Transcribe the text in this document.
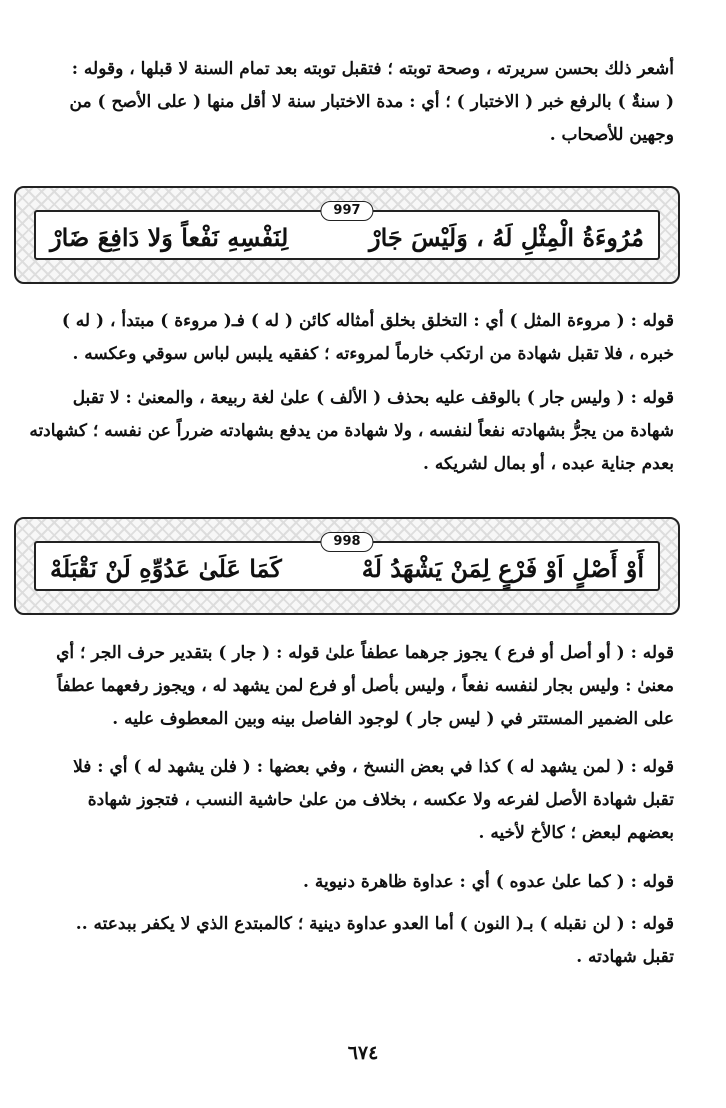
أشعر ذلك بحسن سريرته ، وصحة توبته ؛ فتقبل توبته بعد تمام السنة لا قبلها ، وقوله :
( سنةٌ ) بالرفع خبر ( الاختبار ) ؛ أي : مدة الاختبار سنة لا أقل منها ( على الأصح ) من
وجهين للأصحاب .
997
مُرُوءَةُ الْمِثْلِ لَهُ ، وَلَيْسَ جَارْ
لِنَفْسِهِ نَفْعاً وَلا دَافِعَ ضَارْ
قوله : ( مروءة المثل ) أي : التخلق بخلق أمثاله كائن ( له ) فـ( مروءة ) مبتدأ ، ( له )
خبره ، فلا تقبل شهادة من ارتكب خارماً لمروءته ؛ كفقيه يلبس لباس سوقي وعكسه .
قوله : ( وليس جار ) بالوقف عليه بحذف ( الألف ) علىٰ لغة ربيعة ، والمعنىٰ : لا تقبل
شهادة من يجرُّ بشهادته نفعاً لنفسه ، ولا شهادة من يدفع بشهادته ضرراً عن نفسه ؛ كشهادته
بعدم جناية عبده ، أو بمال لشريكه .
998
أَوْ أَصْلٍ اَوْ فَرْعٍ لِمَنْ يَشْهَدُ لَهْ
كَمَا عَلَىٰ عَدُوِّهِ لَنْ نَقْبَلَهْ
قوله : ( أو أصل أو فرع ) يجوز جرهما عطفاً علىٰ قوله : ( جار ) بتقدير حرف الجر ؛ أي
معنىٰ : وليس بجار لنفسه نفعاً ، وليس بأصل أو فرع لمن يشهد له ، ويجوز رفعهما عطفاً
على الضمير المستتر في ( ليس جار ) لوجود الفاصل بينه وبين المعطوف عليه .
قوله : ( لمن يشهد له ) كذا في بعض النسخ ، وفي بعضها : ( فلن يشهد له ) أي : فلا
تقبل شهادة الأصل لفرعه ولا عكسه ، بخلاف من علىٰ حاشية النسب ، فتجوز شهادة
بعضهم لبعض ؛ كالأخ لأخيه .
قوله : ( كما علىٰ عدوه ) أي : عداوة ظاهرة دنيوية .
قوله : ( لن نقبله ) بـ( النون ) أما العدو عداوة دينية ؛ كالمبتدع الذي لا يكفر ببدعته ..
تقبل شهادته .
٦٧٤
